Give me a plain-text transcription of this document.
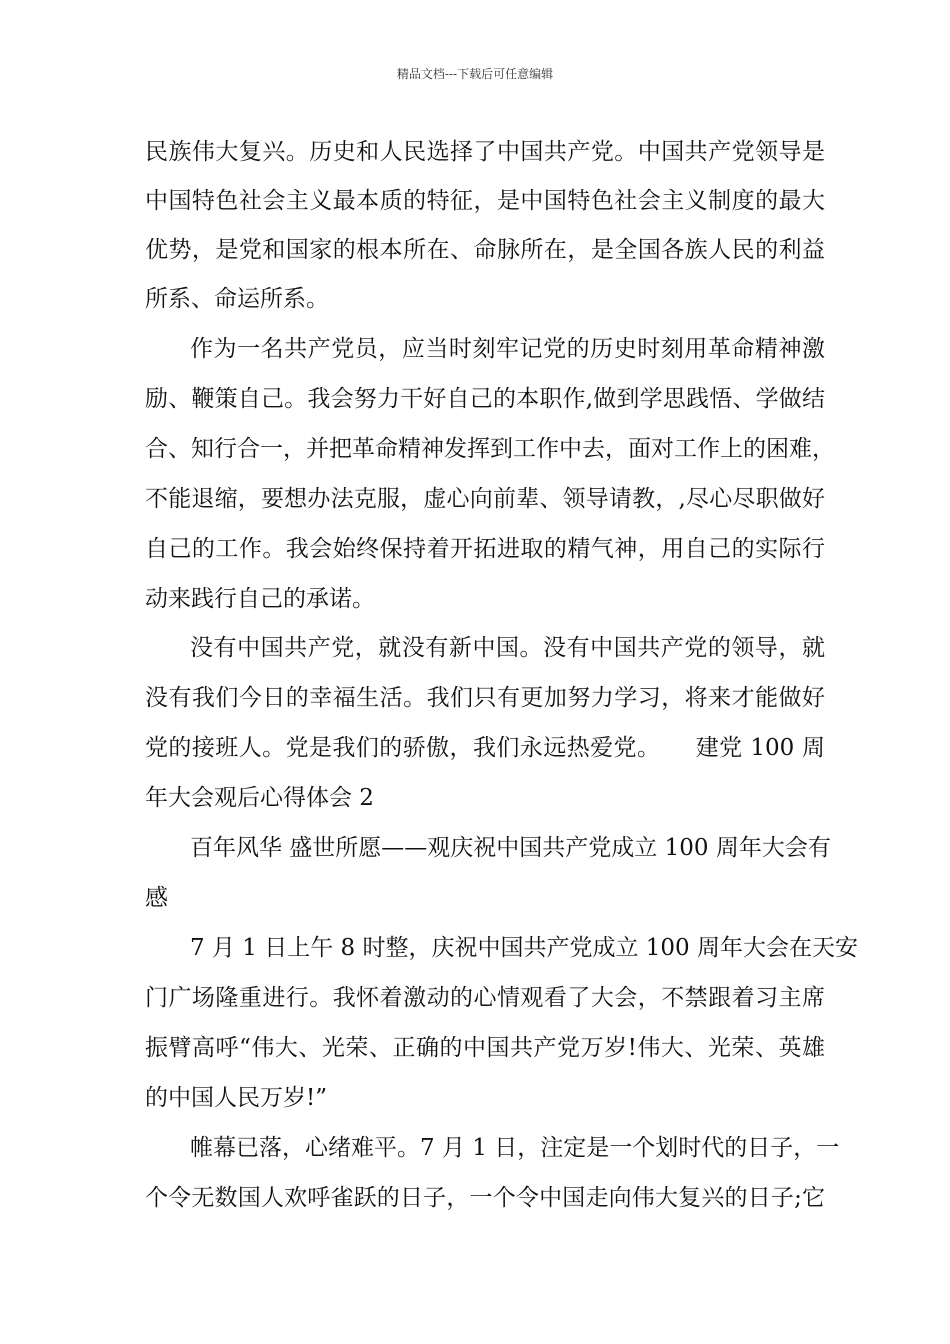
精品文档---下载后可任意编辑
民族伟大复兴。历史和人民选择了中国共产党。中国共产党领导是
中国特色社会主义最本质的特征，是中国特色社会主义制度的最大
优势，是党和国家的根本所在、命脉所在，是全国各族人民的利益
所系、命运所系。
作为一名共产党员，应当时刻牢记党的历史时刻用革命精神激
励、鞭策自己。我会努力干好自己的本职作,做到学思践悟、学做结
合、知行合一，并把革命精神发挥到工作中去，面对工作上的困难，
不能退缩，要想办法克服，虚心向前辈、领导请教，,尽心尽职做好
自己的工作。我会始终保持着开拓进取的精气神，用自己的实际行
动来践行自己的承诺。
没有中国共产党，就没有新中国。没有中国共产党的领导，就
没有我们今日的幸福生活。我们只有更加努力学习，将来才能做好
党的接班人。党是我们的骄傲，我们永远热爱党。　　建党 100 周
年大会观后心得体会 2
百年风华 盛世所愿——观庆祝中国共产党成立 100 周年大会有
感
7 月 1 日上午 8 时整，庆祝中国共产党成立 100 周年大会在天安
门广场隆重进行。我怀着激动的心情观看了大会，不禁跟着习主席
振臂高呼“伟大、光荣、正确的中国共产党万岁!伟大、光荣、英雄
的中国人民万岁!”
帷幕已落，心绪难平。7 月 1 日，注定是一个划时代的日子，一
个令无数国人欢呼雀跃的日子，一个令中国走向伟大复兴的日子;它
